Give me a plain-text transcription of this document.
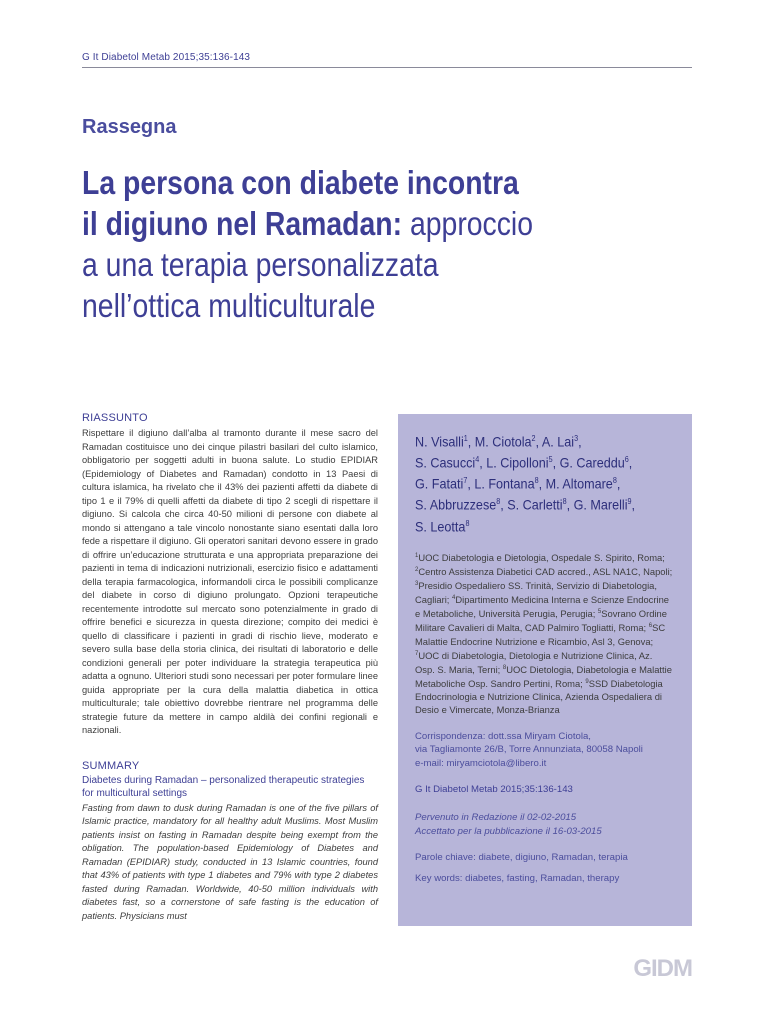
G It Diabetol Metab 2015;35:136-143
Rassegna
La persona con diabete incontra
il digiuno nel Ramadan: approccio
a una terapia personalizzata
nell’ottica multiculturale

RIASSUNTO

Rispettare il digiuno dall’alba al tramonto durante il mese sacro del Ramadan costituisce uno dei cinque pilastri basilari del culto islamico, obbligatorio per soggetti adulti in buona salute. Lo studio EPIDIAR (Epidemiology of Diabetes and Ramadan) condotto in 13 Paesi di cultura islamica, ha rivelato che il 43% dei pazienti affetti da diabete di tipo 1 e il 79% di quelli affetti da diabete di tipo 2 scegli di rispettare il digiuno. Si calcola che circa 40-50 milioni di persone con diabete al mondo si attengano a tale vincolo nonostante siano esentati dalla loro fede a rispettare il digiuno. Gli operatori sanitari devono essere in grado di offrire un’educazione strutturata e una appropriata preparazione dei pazienti in tema di indicazioni nutrizionali, esercizio fisico e adattamenti della terapia farmacologica, informandoli circa le possibili complicanze del diabete in corso di digiuno prolungato. Opzioni terapeutiche recentemente introdotte sul mercato sono potenzialmente in grado di offrire benefici e sicurezza in questa direzione; compito dei medici è quello di classificare i pazienti in gradi di rischio lieve, moderato e severo sulla base della storia clinica, dei risultati di laboratorio e delle condizioni generali per poter individuare la strategia terapeutica più adatta a ognuno. Ulteriori studi sono necessari per poter formulare linee guida appropriate per la cura della malattia diabetica in ottica multiculturale; tale obiettivo dovrebbe rientrare nel programma delle strategie future da mettere in campo aldilà dei confini regionali e nazionali.

SUMMARY

Diabetes during Ramadan – personalized therapeutic strategies for multicultural settings

Fasting from dawn to dusk during Ramadan is one of the five pillars of Islamic practice, mandatory for all healthy adult Muslims. Most Muslim patients insist on fasting in Ramadan despite being exempt from the obligation. The population-based Epidemiology of Diabetes and Ramadan (EPIDIAR) study, conducted in 13 Islamic countries, found that 43% of patients with type 1 diabetes and 79% with type 2 diabetes fasted during Ramadan. Worldwide, 40-50 million individuals with diabetes fast, so a cornerstone of safe fasting is the education of patients. Physicians must

N. Visalli$^1$, M. Ciotola$^2$, A. Lai$^3$,
S. Casucci$^4$, L. Cipolloni$^5$, G. Careddu$^6$,
G. Fatati$^7$, L. Fontana$^8$, M. Altomare$^8$,
S. Abbruzzese$^8$, S. Carletti$^8$, G. Marelli$^9$,
S. Leotta$^8$

$^1$UOC Diabetologia e Dietologia, Ospedale S. Spirito, Roma; $^2$Centro Assistenza Diabetici CAD accred., ASL NA1C, Napoli; $^3$Presidio Ospedaliero SS. Trinità, Servizio di Diabetologia, Cagliari; $^4$Dipartimento Medicina Interna e Scienze Endocrine e Metaboliche, Università Perugia, Perugia; $^5$Sovrano Ordine Militare Cavalieri di Malta, CAD Palmiro Togliatti, Roma; $^6$SC Malattie Endocrine Nutrizione e Ricambio, Asl 3, Genova; $^7$UOC di Diabetologia, Dietologia e Nutrizione Clinica, Az. Osp. S. Maria, Terni; $^8$UOC Dietologia, Diabetologia e Malattie Metaboliche Osp. Sandro Pertini, Roma; $^9$SSD Diabetologia Endocrinologia e Nutrizione Clinica, Azienda Ospedaliera di Desio e Vimercate, Monza-Brianza

Corrispondenza: dott.ssa Miryam Ciotola,
via Tagliamonte 26/B, Torre Annunziata, 80058 Napoli
e-mail: miryamciotola@libero.it
G It Diabetol Metab 2015;35:136-143
Pervenuto in Redazione il 02-02-2015
Accettato per la pubblicazione il 16-03-2015
Parole chiave: diabete, digiuno, Ramadan, terapia
Key words: diabetes, fasting, Ramadan, therapy
GIDM
